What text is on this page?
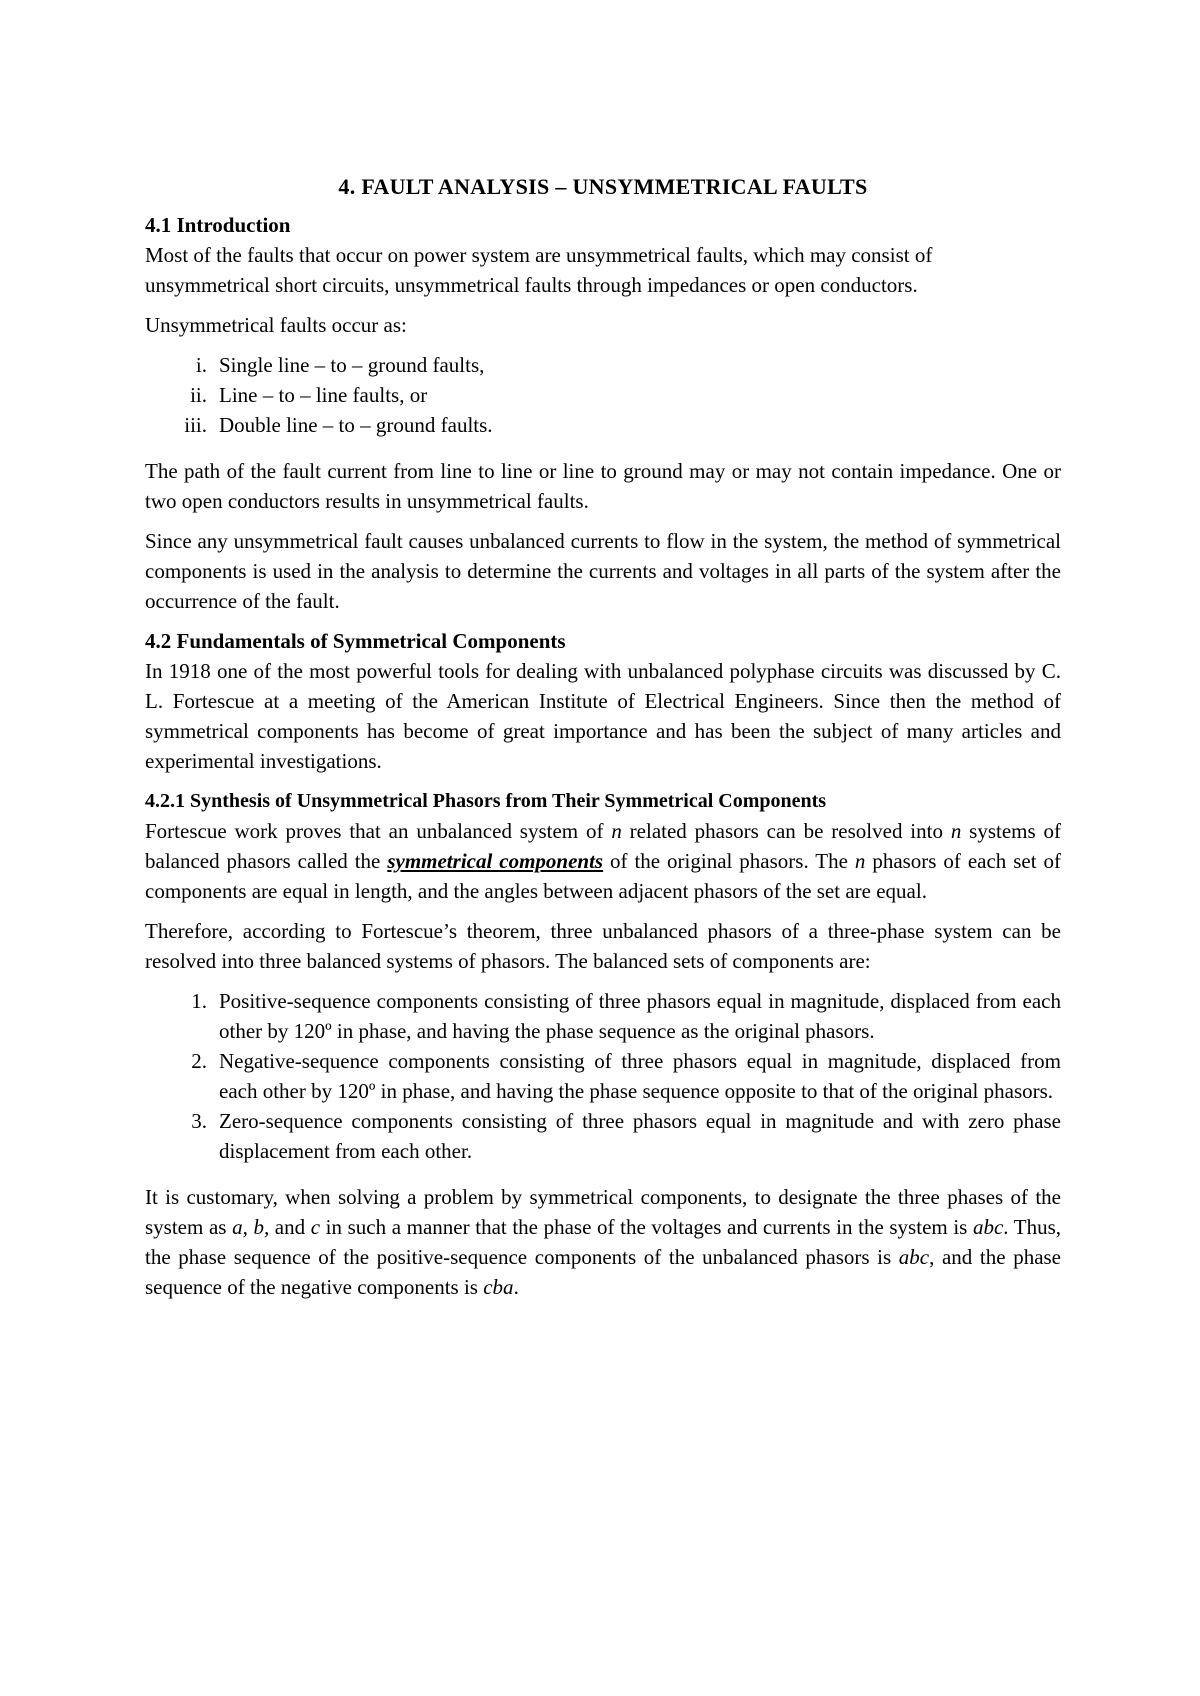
4. FAULT ANALYSIS – UNSYMMETRICAL FAULTS
4.1 Introduction

Most of the faults that occur on power system are unsymmetrical faults, which may consist of unsymmetrical short circuits, unsymmetrical faults through impedances or open conductors.

Unsymmetrical faults occur as:

i. Single line – to – ground faults,
ii. Line – to – line faults, or
iii. Double line – to – ground faults.

The path of the fault current from line to line or line to ground may or may not contain impedance. One or two open conductors results in unsymmetrical faults.

Since any unsymmetrical fault causes unbalanced currents to flow in the system, the method of symmetrical components is used in the analysis to determine the currents and voltages in all parts of the system after the occurrence of the fault.

4.2 Fundamentals of Symmetrical Components

In 1918 one of the most powerful tools for dealing with unbalanced polyphase circuits was discussed by C. L. Fortescue at a meeting of the American Institute of Electrical Engineers. Since then the method of symmetrical components has become of great importance and has been the subject of many articles and experimental investigations.

4.2.1 Synthesis of Unsymmetrical Phasors from Their Symmetrical Components

Fortescue work proves that an unbalanced system of n related phasors can be resolved into n systems of balanced phasors called the symmetrical components of the original phasors. The n phasors of each set of components are equal in length, and the angles between adjacent phasors of the set are equal.

Therefore, according to Fortescue’s theorem, three unbalanced phasors of a three-phase system can be resolved into three balanced systems of phasors. The balanced sets of components are:

1. Positive-sequence components consisting of three phasors equal in magnitude, displaced from each other by 120º in phase, and having the phase sequence as the original phasors.
2. Negative-sequence components consisting of three phasors equal in magnitude, displaced from each other by 120º in phase, and having the phase sequence opposite to that of the original phasors.
3. Zero-sequence components consisting of three phasors equal in magnitude and with zero phase displacement from each other.

It is customary, when solving a problem by symmetrical components, to designate the three phases of the system as a, b, and c in such a manner that the phase of the voltages and currents in the system is abc. Thus, the phase sequence of the positive-sequence components of the unbalanced phasors is abc, and the phase sequence of the negative components is cba.
